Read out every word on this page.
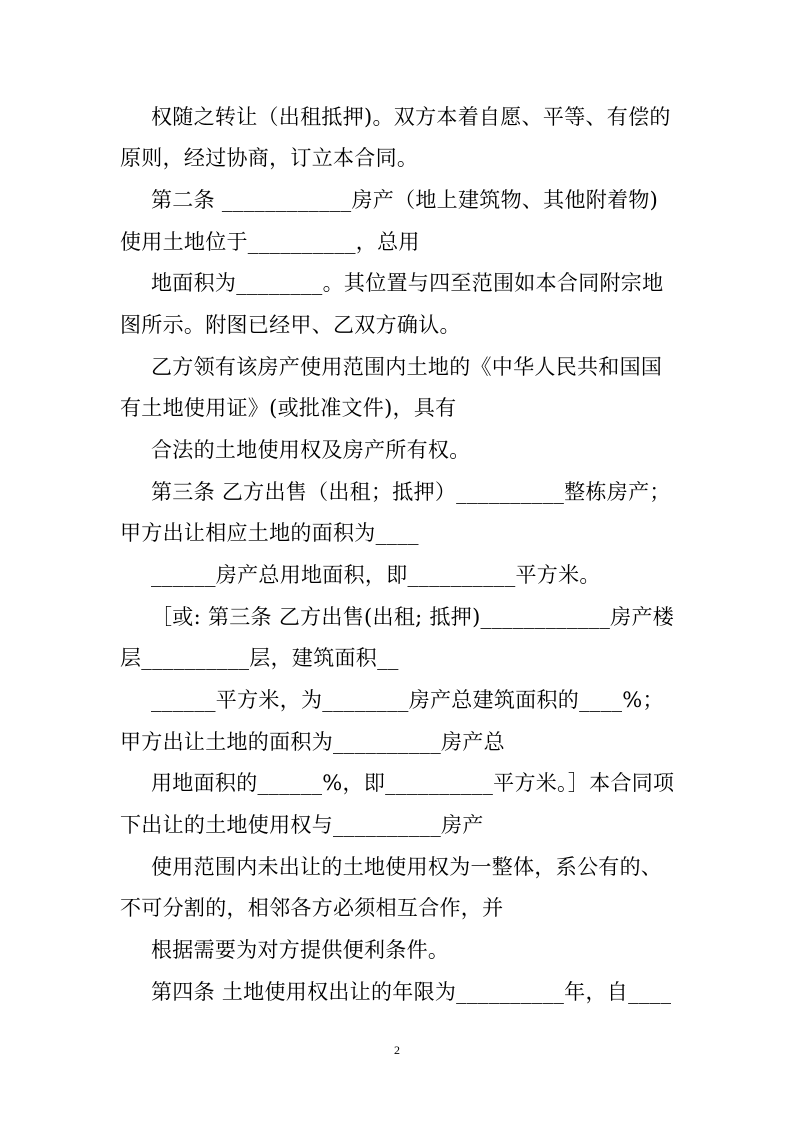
权随之转让（出租抵押)。双方本着自愿、平等、有偿的
原则，经过协商，订立本合同。
第二条 ____________房产（地上建筑物、其他附着物)
使用土地位于__________，总用
地面积为________。其位置与四至范围如本合同附宗地
图所示。附图已经甲、乙双方确认。
乙方领有该房产使用范围内土地的《中华人民共和国国
有土地使用证》(或批准文件)，具有
合法的土地使用权及房产所有权。
第三条 乙方出售（出租；抵押）__________整栋房产；
甲方出让相应土地的面积为____
______房产总用地面积，即__________平方米。
［或: 第三条 乙方出售(出租; 抵押)____________房产楼
层__________层，建筑面积__
______平方米，为________房产总建筑面积的____%；
甲方出让土地的面积为__________房产总
用地面积的______%，即__________平方米。］本合同项
下出让的土地使用权与__________房产
使用范围内未出让的土地使用权为一整体，系公有的、
不可分割的，相邻各方必须相互合作，并
根据需要为对方提供便利条件。
第四条 土地使用权出让的年限为__________年，自____
2
